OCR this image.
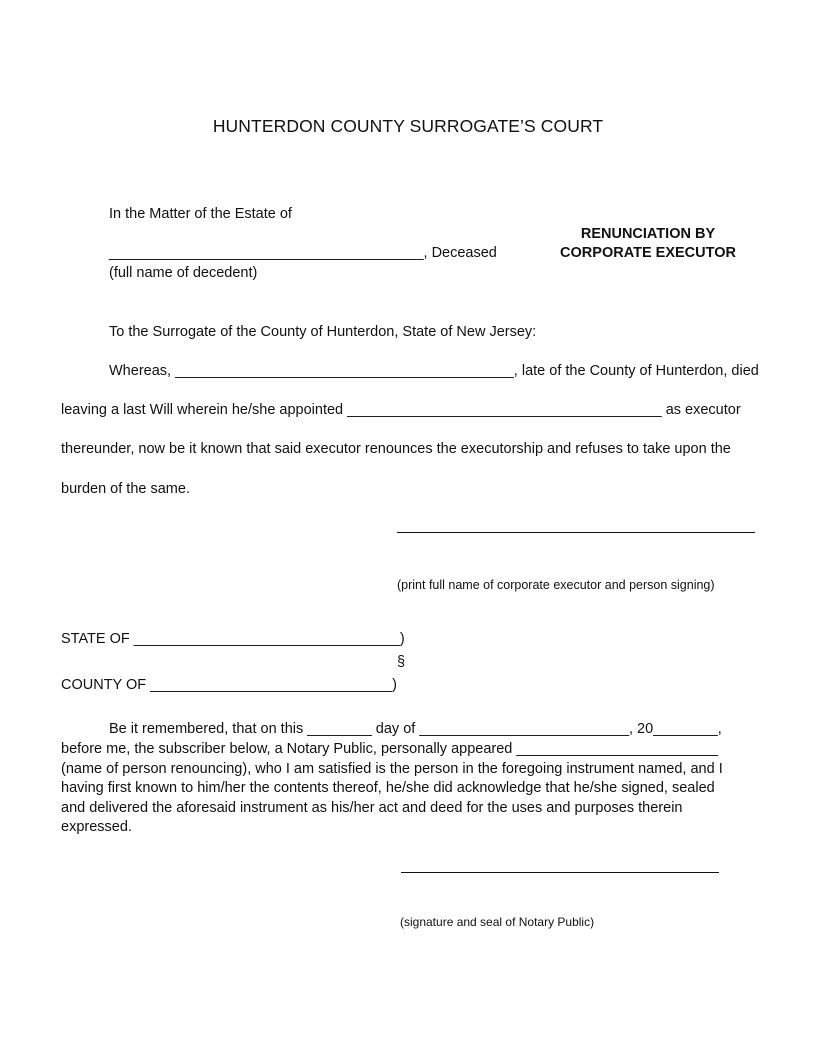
HUNTERDON COUNTY SURROGATE’S COURT
In the Matter of the Estate of
_______________________________________, Deceased
(full name of decedent)
RENUNCIATION BY
CORPORATE EXECUTOR
To the Surrogate of the County of Hunterdon, State of New Jersey:
Whereas, __________________________________________, late of the County of Hunterdon, died
leaving a last Will wherein he/she appointed _______________________________________ as executor
thereunder, now be it known that said executor renounces the executorship and refuses to take upon the
burden of the same.
(print full name of corporate executor and person signing)
STATE OF _________________________________)
§
COUNTY OF ______________________________)
Be it remembered, that on this ________ day of __________________________, 20________,
before me, the subscriber below, a Notary Public, personally appeared _________________________
(name of person renouncing), who I am satisfied is the person in the foregoing instrument named, and I
having first known to him/her the contents thereof, he/she did acknowledge that he/she signed, sealed
and delivered the aforesaid instrument as his/her act and deed for the uses and purposes therein
expressed.
(signature and seal of Notary Public)
